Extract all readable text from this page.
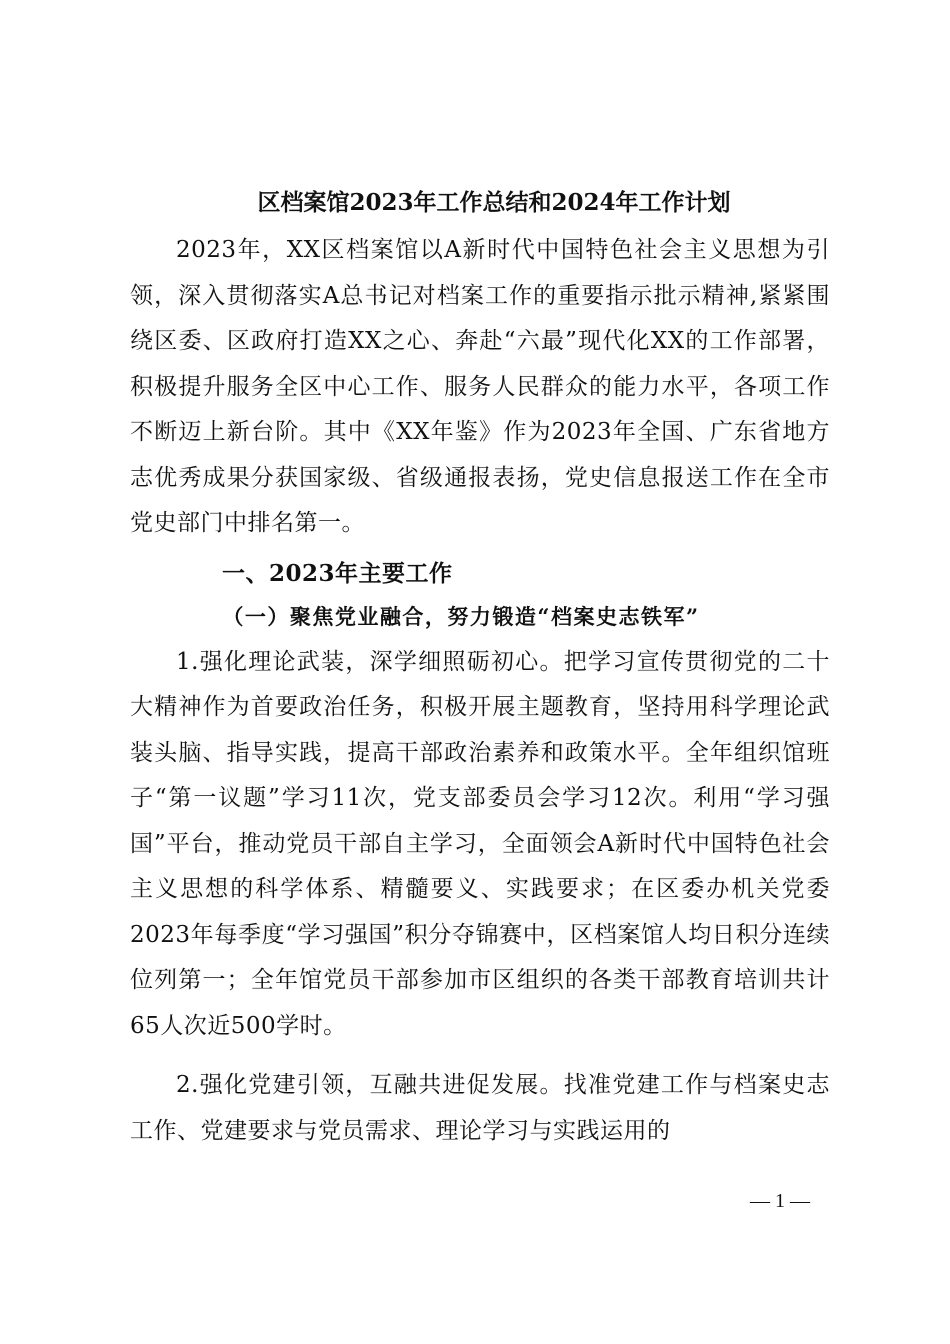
区档案馆2023年工作总结和2024年工作计划

2023年，XX区档案馆以A新时代中国特色社会主义思想为引领，深入贯彻落实A总书记对档案工作的重要指示批示精神,紧紧围绕区委、区政府打造XX之心、奔赴“六最”现代化XX的工作部署，积极提升服务全区中心工作、服务人民群众的能力水平，各项工作不断迈上新台阶。其中《XX年鉴》作为2023年全国、广东省地方志优秀成果分获国家级、省级通报表扬，党史信息报送工作在全市党史部门中排名第一。

一、2023年主要工作
（一）聚焦党业融合，努力锻造“档案史志铁军”

1.强化理论武装，深学细照砺初心。把学习宣传贯彻党的二十大精神作为首要政治任务，积极开展主题教育，坚持用科学理论武装头脑、指导实践，提高干部政治素养和政策水平。全年组织馆班子“第一议题”学习11次，党支部委员会学习12次。利用“学习强国”平台，推动党员干部自主学习，全面领会A新时代中国特色社会主义思想的科学体系、精髓要义、实践要求；在区委办机关党委2023年每季度“学习强国”积分夺锦赛中，区档案馆人均日积分连续位列第一；全年馆党员干部参加市区组织的各类干部教育培训共计65人次近500学时。

2.强化党建引领，互融共进促发展。找准党建工作与档案史志工作、党建要求与党员需求、理论学习与实践运用的

— 1 —
